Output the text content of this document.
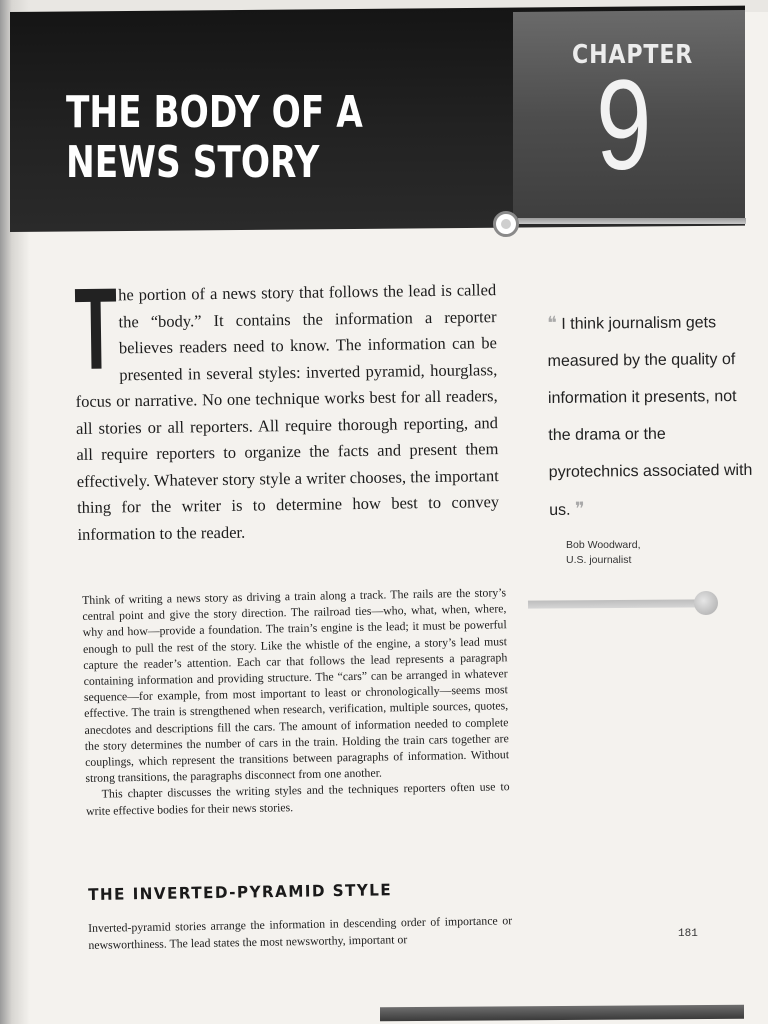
THE BODY OF A NEWS STORY
CHAPTER
9
T he portion of a news story that follows the lead is called the “body.” It contains the information a reporter believes readers need to know. The information can be presented in several styles: inverted pyramid, hourglass, focus or narrative. No one technique works best for all readers, all stories or all reporters. All require thorough reporting, and all require reporters to organize the facts and present them effectively. Whatever story style a writer chooses, the important thing for the writer is to determine how best to convey information to the reader.
❝ I think journalism gets measured by the quality of information it presents, not the drama or the pyrotechnics associated with us. ❞
Bob Woodward,
U.S. journalist

Think of writing a news story as driving a train along a track. The rails are the story’s central point and give the story direction. The railroad ties—who, what, when, where, why and how—provide a foundation. The train’s engine is the lead; it must be powerful enough to pull the rest of the story. Like the whistle of the engine, a story’s lead must capture the reader’s attention. Each car that follows the lead represents a paragraph containing information and providing structure. The “cars” can be arranged in whatever sequence—for example, from most important to least or chronologically—seems most effective. The train is strengthened when research, verification, multiple sources, quotes, anecdotes and descriptions fill the cars. The amount of information needed to complete the story determines the number of cars in the train. Holding the train cars together are couplings, which represent the transitions between paragraphs of information. Without strong transitions, the paragraphs disconnect from one another.

This chapter discusses the writing styles and the techniques reporters often use to write effective bodies for their news stories.

THE INVERTED-PYRAMID STYLE
Inverted-pyramid stories arrange the information in descending order of importance or newsworthiness. The lead states the most newsworthy, important or	181
